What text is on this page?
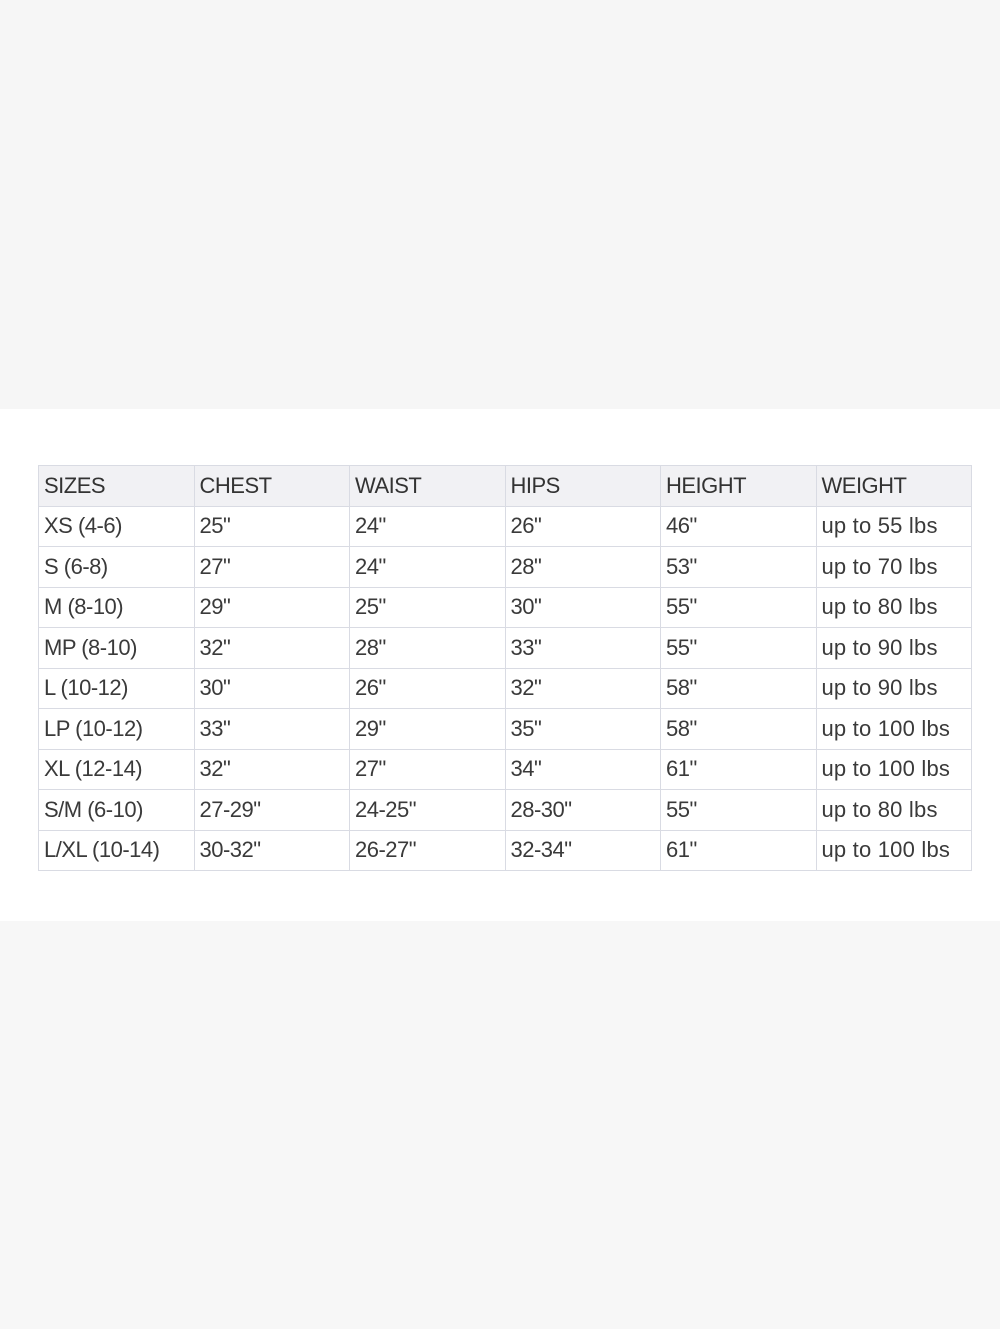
SIZES	CHEST	WAIST	HIPS	HEIGHT	WEIGHT
XS (4-6)	25"	24"	26"	46"	up to 55 lbs
S (6-8)	27"	24"	28"	53"	up to 70 lbs
M (8-10)	29"	25"	30"	55"	up to 80 lbs
MP (8-10)	32"	28"	33"	55"	up to 90 lbs
L (10-12)	30"	26"	32"	58"	up to 90 lbs
LP (10-12)	33"	29"	35"	58"	up to 100 lbs
XL (12-14)	32"	27"	34"	61"	up to 100 lbs
S/M (6-10)	27-29"	24-25"	28-30"	55"	up to 80 lbs
L/XL (10-14)	30-32"	26-27"	32-34"	61"	up to 100 lbs
